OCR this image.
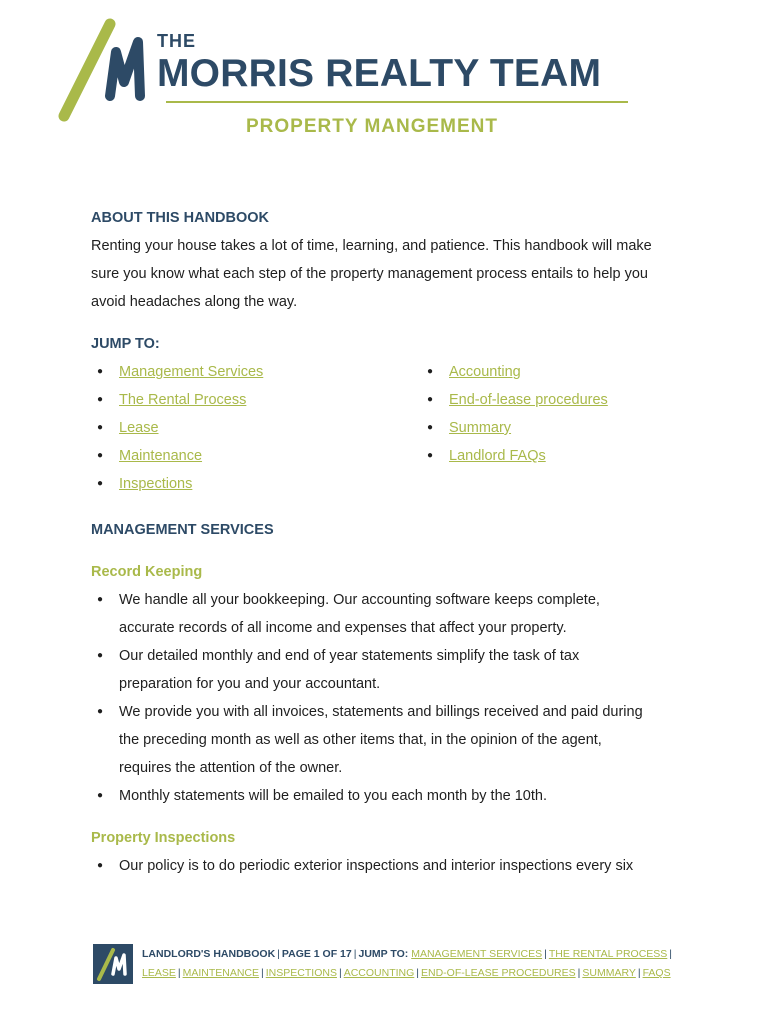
THE
MORRIS REALTY TEAM
PROPERTY MANGEMENT

ABOUT THIS HANDBOOK

Renting your house takes a lot of time, learning, and patience. This handbook will make

sure you know what each step of the property management process entails to help you

avoid headaches along the way.

JUMP TO:

● Management Services
● The Rental Process
● Lease
● Maintenance
● Inspections
● Accounting
● End-of-lease procedures
● Summary
● Landlord FAQs

MANAGEMENT SERVICES

Record Keeping

● We handle all your bookkeeping. Our accounting software keeps complete,
accurate records of all income and expenses that affect your property.
● Our detailed monthly and end of year statements simplify the task of tax
preparation for you and your accountant.
● We provide you with all invoices, statements and billings received and paid during
the preceding month as well as other items that, in the opinion of the agent,
requires the attention of the owner.
● Monthly statements will be emailed to you each month by the 10th.

Property Inspections

● Our policy is to do periodic exterior inspections and interior inspections every six
LANDLORD'S HANDBOOK | PAGE 1 OF 17 | JUMP TO: MANAGEMENT SERVICES | THE RENTAL PROCESS |
LEASE | MAINTENANCE | INSPECTIONS | ACCOUNTING | END-OF-LEASE PROCEDURES | SUMMARY | FAQS
